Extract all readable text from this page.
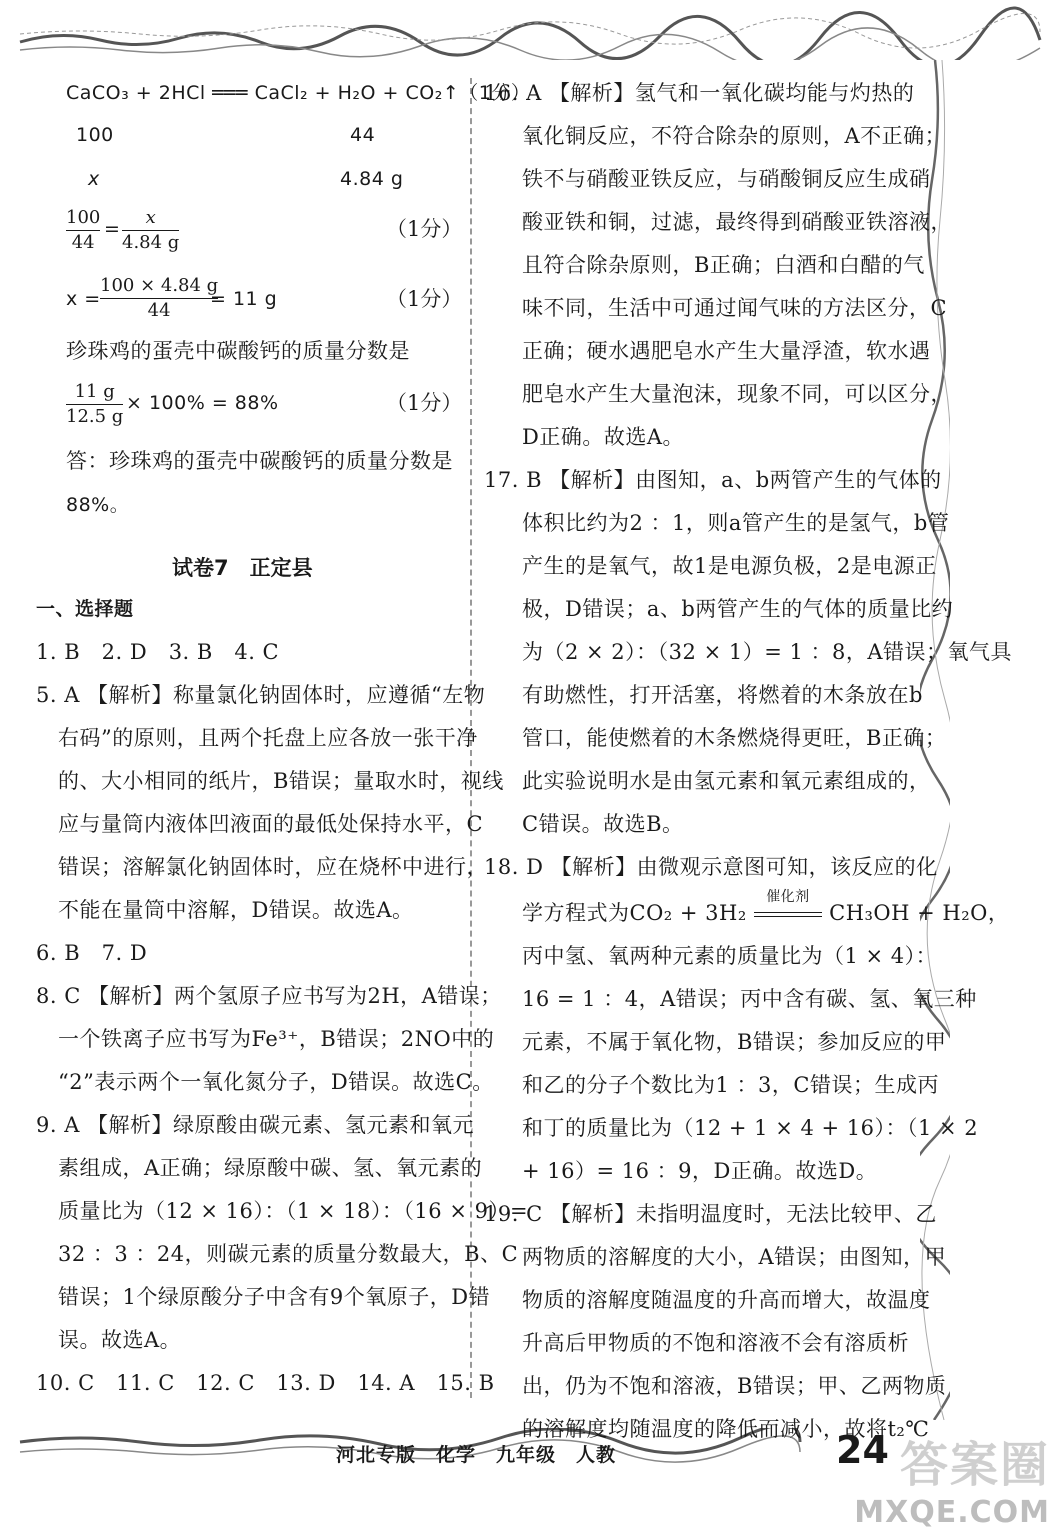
CaCO₃ + 2HCl ═══ CaCl₂ + H₂O + CO₂↑（1分）
100	44
x	4.84 g
100
44
=
x
4.84 g
（1分）
x =
100 × 4.84 g
44
= 11 g	（1分）
珍珠鸡的蛋壳中碳酸钙的质量分数是
11 g
12.5 g
× 100% = 88%	（1分）
答：珍珠鸡的蛋壳中碳酸钙的质量分数是
88%。
试卷7　正定县
一、选择题
1. B　2. D　3. B　4. C
5. A 【解析】称量氯化钠固体时，应遵循“左物
右码”的原则，且两个托盘上应各放一张干净
的、大小相同的纸片，B错误；量取水时，视线
应与量筒内液体凹液面的最低处保持水平，C
错误；溶解氯化钠固体时，应在烧杯中进行，
不能在量筒中溶解，D错误。故选A。
6. B　7. D
8. C 【解析】两个氢原子应书写为2H，A错误；
一个铁离子应书写为Fe³⁺，B错误；2NO中的
“2”表示两个一氧化氮分子，D错误。故选C。
9. A 【解析】绿原酸由碳元素、氢元素和氧元
素组成，A正确；绿原酸中碳、氢、氧元素的
质量比为（12 × 16）：（1 × 18）：（16 × 9）=
32 ：3 ：24，则碳元素的质量分数最大，B、C
错误；1个绿原酸分子中含有9个氧原子，D错
误。故选A。
10. C　11. C　12. C　13. D　14. A　15. B
16. A 【解析】氢气和一氧化碳均能与灼热的
氧化铜反应，不符合除杂的原则，A不正确；
铁不与硝酸亚铁反应，与硝酸铜反应生成硝
酸亚铁和铜，过滤，最终得到硝酸亚铁溶液，
且符合除杂原则，B正确；白酒和白醋的气
味不同，生活中可通过闻气味的方法区分，C
正确；硬水遇肥皂水产生大量浮渣，软水遇
肥皂水产生大量泡沫，现象不同，可以区分，
D正确。故选A。
17. B 【解析】由图知，a、b两管产生的气体的
体积比约为2 ：1，则a管产生的是氢气，b管
产生的是氧气，故1是电源负极，2是电源正
极，D错误；a、b两管产生的气体的质量比约
为（2 × 2）：（32 × 1）= 1 ：8，A错误；氧气具
有助燃性，打开活塞，将燃着的木条放在b
管口，能使燃着的木条燃烧得更旺，B正确；
此实验说明水是由氢元素和氧元素组成的，
C错误。故选B。
18. D 【解析】由微观示意图可知，该反应的化
学方程式为CO₂ + 3H₂
催化剂
CH₃OH + H₂O，
丙中氢、氧两种元素的质量比为（1 × 4）：
16 = 1 ：4，A错误；丙中含有碳、氢、氧三种
元素，不属于氧化物，B错误；参加反应的甲
和乙的分子个数比为1 ：3，C错误；生成丙
和丁的质量比为（12 + 1 × 4 + 16）：（1 × 2
+ 16）= 16 ：9，D正确。故选D。
19. C 【解析】未指明温度时，无法比较甲、乙
两物质的溶解度的大小，A错误；由图知，甲
物质的溶解度随温度的升高而增大，故温度
升高后甲物质的不饱和溶液不会有溶质析
出，仍为不饱和溶液，B错误；甲、乙两物质
的溶解度均随温度的降低而减小，故将t₂℃
河北专版　化学　九年级　人教	24 答案圈
MXQE.COM
